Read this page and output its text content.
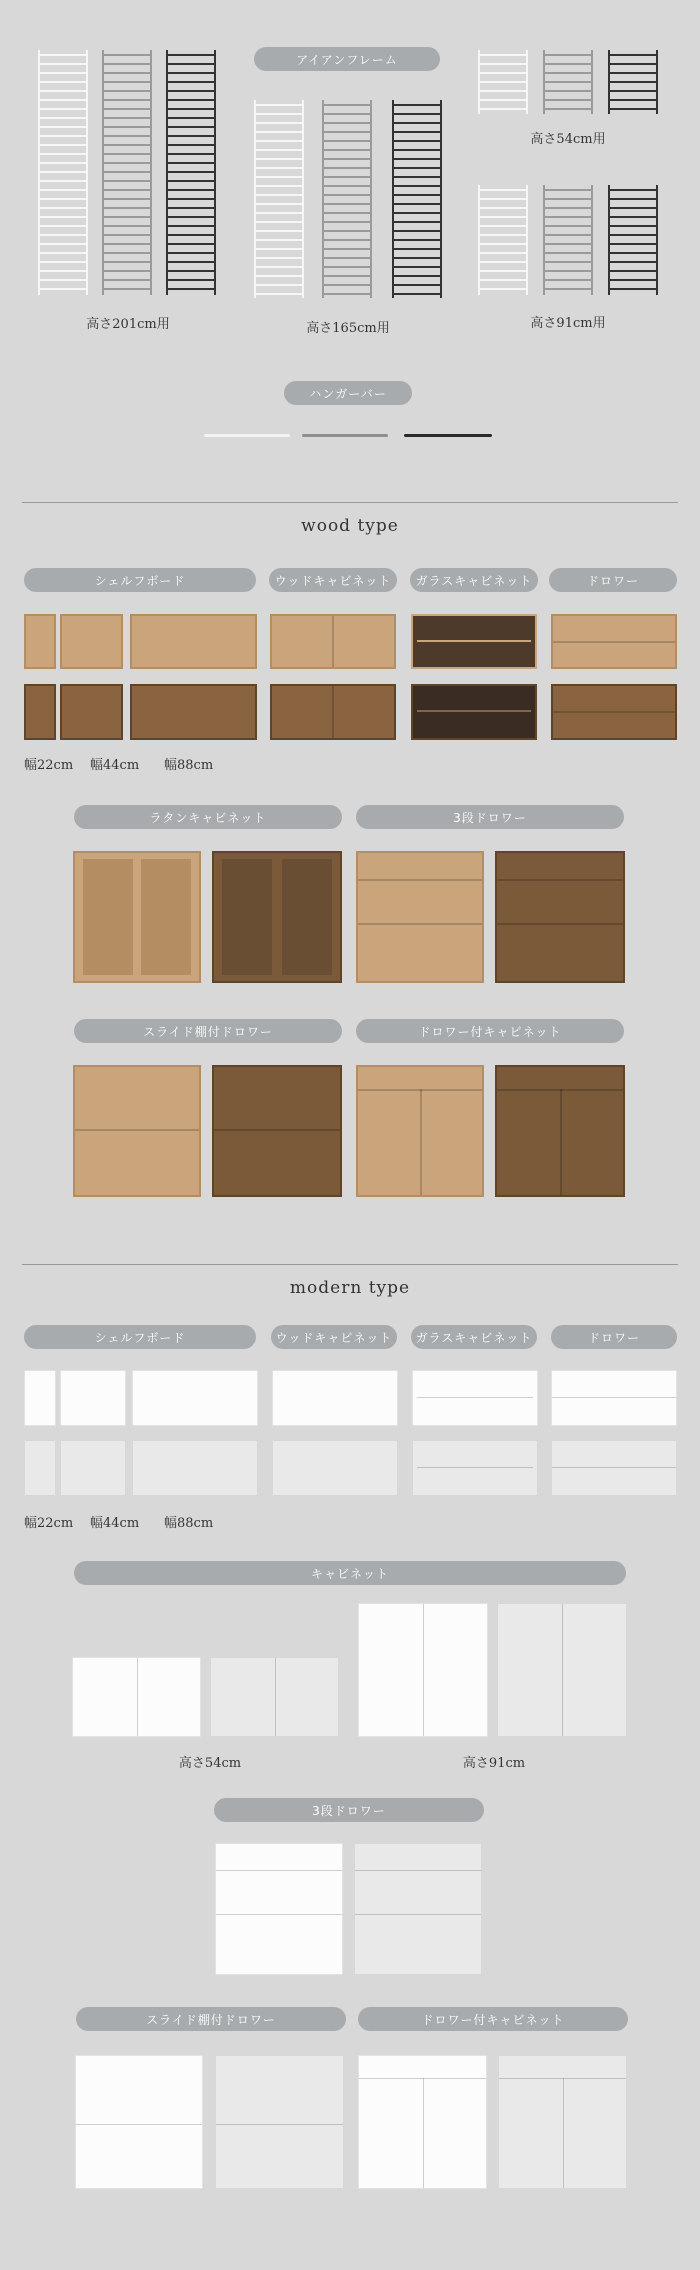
アイアンフレーム
高さ201cm用	高さ165cm用
高さ54cm用
高さ91cm用
ハンガーバー
wood type
シェルフボード	ウッドキャビネット	ガラスキャビネット	ドロワー
幅22cm 幅44cm 幅88cm
ラタンキャビネット	3段ドロワー
スライド棚付ドロワー	ドロワー付キャビネット
modern type
シェルフボード	ウッドキャビネット	ガラスキャビネット	ドロワー
幅22cm 幅44cm 幅88cm
キャビネット
高さ54cm	高さ91cm
3段ドロワー
スライド棚付ドロワー	ドロワー付キャビネット
